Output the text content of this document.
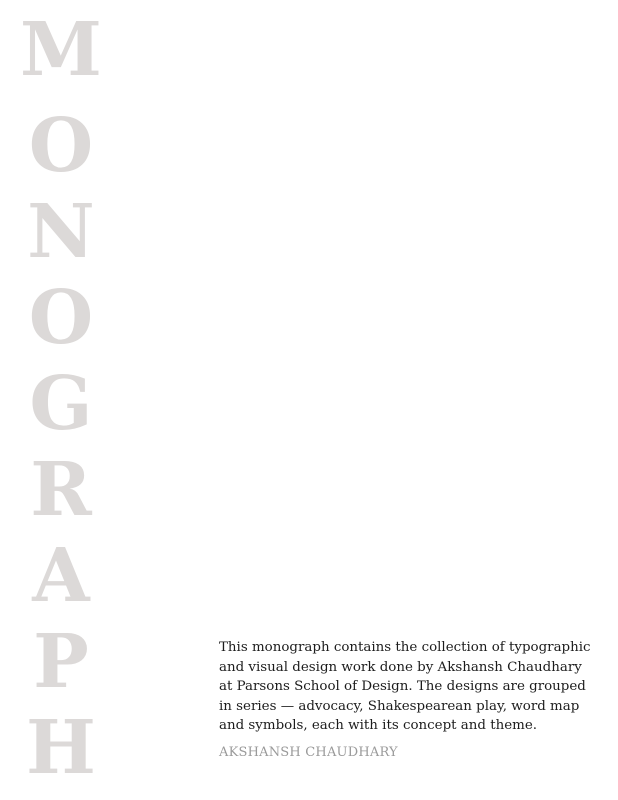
M
O
N
O
G
R
A
P
H

This monograph contains the collection of typographic and visual design work done by Akshansh Chaudhary at Parsons School of Design. The designs are grouped in series — advocacy, Shakespearean play, word map and symbols, each with its concept and theme.

AKSHANSH CHAUDHARY
